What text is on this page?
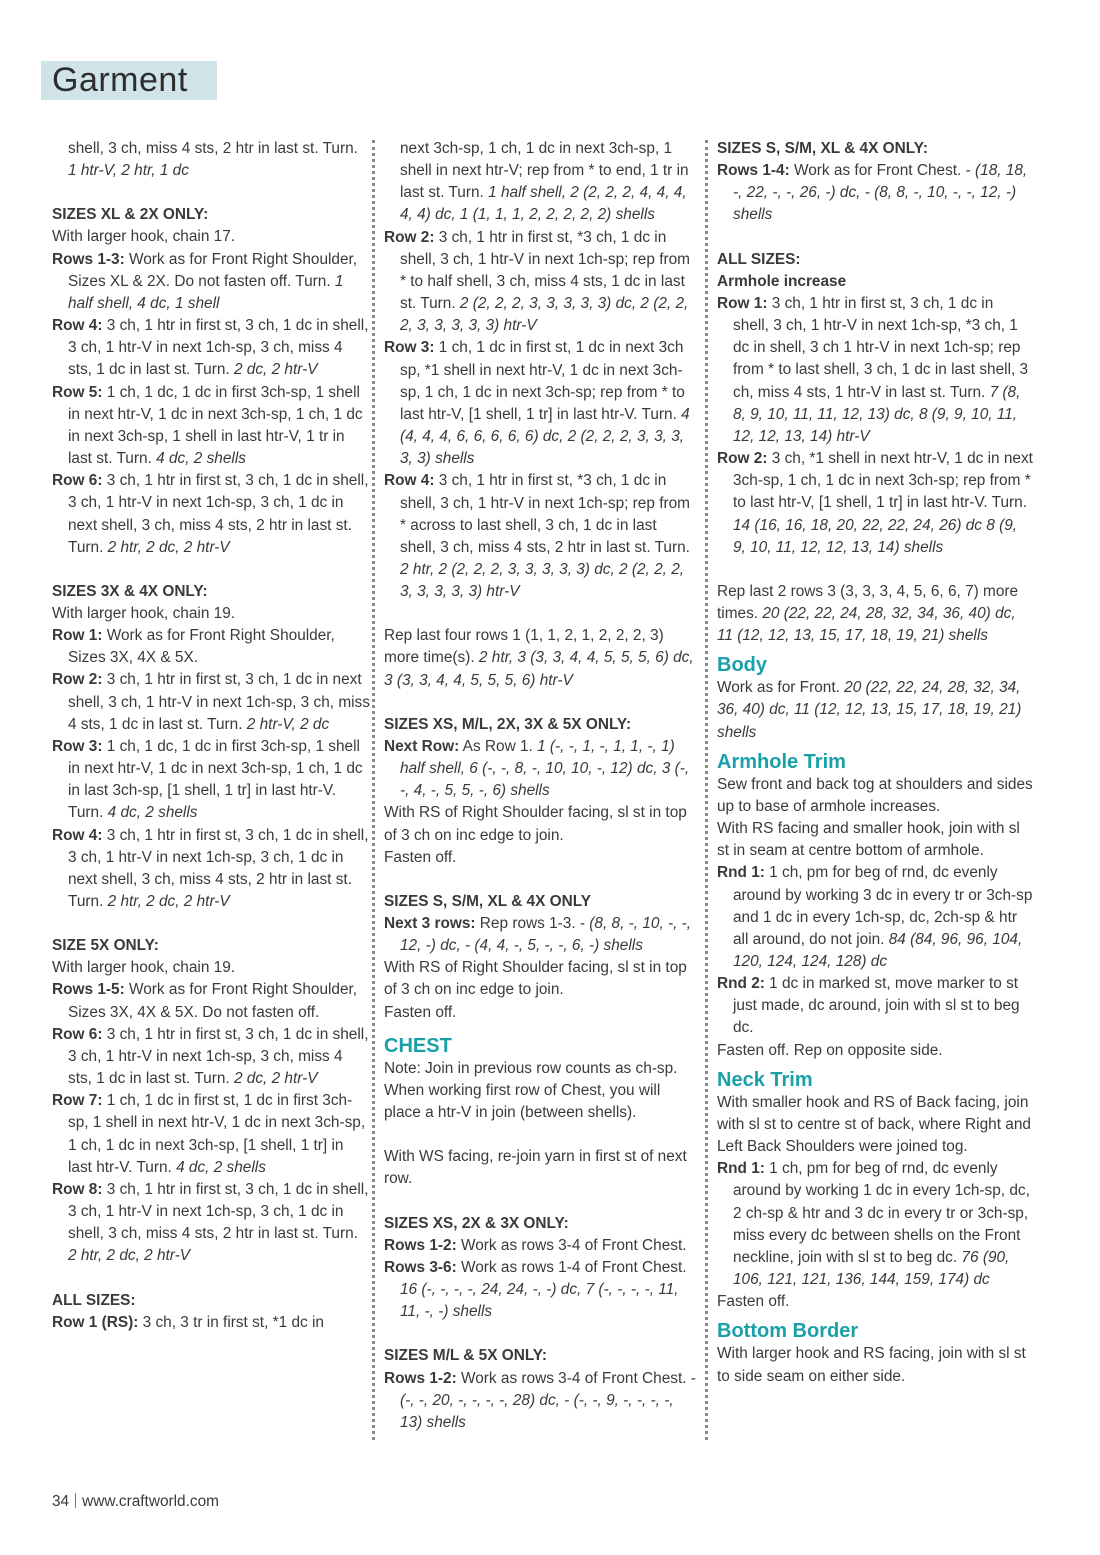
Garment

shell, 3 ch, miss 4 sts, 2 htr in last st. Turn. 1 htr-V, 2 htr, 1 dc

SIZES XL & 2X ONLY:

With larger hook, chain 17.

Rows 1-3: Work as for Front Right Shoulder, Sizes XL & 2X. Do not fasten off. Turn. 1 half shell, 4 dc, 1 shell

Row 4: 3 ch, 1 htr in first st, 3 ch, 1 dc in shell, 3 ch, 1 htr-V in next 1ch-sp, 3 ch, miss 4 sts, 1 dc in last st. Turn. 2 dc, 2 htr-V

Row 5: 1 ch, 1 dc, 1 dc in first 3ch-sp, 1 shell in next htr-V, 1 dc in next 3ch-sp, 1 ch, 1 dc in next 3ch-sp, 1 shell in last htr-V, 1 tr in last st. Turn. 4 dc, 2 shells

Row 6: 3 ch, 1 htr in first st, 3 ch, 1 dc in shell, 3 ch, 1 htr-V in next 1ch-sp, 3 ch, 1 dc in next shell, 3 ch, miss 4 sts, 2 htr in last st. Turn. 2 htr, 2 dc, 2 htr-V

SIZES 3X & 4X ONLY:

With larger hook, chain 19.

Row 1: Work as for Front Right Shoulder, Sizes 3X, 4X & 5X.

Row 2: 3 ch, 1 htr in first st, 3 ch, 1 dc in next shell, 3 ch, 1 htr-V in next 1ch-sp, 3 ch, miss 4 sts, 1 dc in last st. Turn. 2 htr-V, 2 dc

Row 3: 1 ch, 1 dc, 1 dc in first 3ch-sp, 1 shell in next htr-V, 1 dc in next 3ch-sp, 1 ch, 1 dc in last 3ch-sp, [1 shell, 1 tr] in last htr-V. Turn. 4 dc, 2 shells

Row 4: 3 ch, 1 htr in first st, 3 ch, 1 dc in shell, 3 ch, 1 htr-V in next 1ch-sp, 3 ch, 1 dc in next shell, 3 ch, miss 4 sts, 2 htr in last st. Turn. 2 htr, 2 dc, 2 htr-V

SIZE 5X ONLY:

With larger hook, chain 19.

Rows 1-5: Work as for Front Right Shoulder, Sizes 3X, 4X & 5X. Do not fasten off.

Row 6: 3 ch, 1 htr in first st, 3 ch, 1 dc in shell, 3 ch, 1 htr-V in next 1ch-sp, 3 ch, miss 4 sts, 1 dc in last st. Turn. 2 dc, 2 htr-V

Row 7: 1 ch, 1 dc in first st, 1 dc in first 3ch-sp, 1 shell in next htr-V, 1 dc in next 3ch-sp, 1 ch, 1 dc in next 3ch-sp, [1 shell, 1 tr] in last htr-V. Turn. 4 dc, 2 shells

Row 8: 3 ch, 1 htr in first st, 3 ch, 1 dc in shell, 3 ch, 1 htr-V in next 1ch-sp, 3 ch, 1 dc in shell, 3 ch, miss 4 sts, 2 htr in last st. Turn. 2 htr, 2 dc, 2 htr-V

ALL SIZES:

Row 1 (RS): 3 ch, 3 tr in first st, *1 dc in

next 3ch-sp, 1 ch, 1 dc in next 3ch-sp, 1 shell in next htr-V; rep from * to end, 1 tr in last st. Turn. 1 half shell, 2 (2, 2, 2, 4, 4, 4, 4, 4) dc, 1 (1, 1, 1, 2, 2, 2, 2, 2) shells

Row 2: 3 ch, 1 htr in first st, *3 ch, 1 dc in shell, 3 ch, 1 htr-V in next 1ch-sp; rep from * to half shell, 3 ch, miss 4 sts, 1 dc in last st. Turn. 2 (2, 2, 2, 3, 3, 3, 3, 3) dc, 2 (2, 2, 2, 3, 3, 3, 3, 3) htr-V

Row 3: 1 ch, 1 dc in first st, 1 dc in next 3ch sp, *1 shell in next htr-V, 1 dc in next 3ch-sp, 1 ch, 1 dc in next 3ch-sp; rep from * to last htr-V, [1 shell, 1 tr] in last htr-V. Turn. 4 (4, 4, 4, 6, 6, 6, 6, 6) dc, 2 (2, 2, 2, 3, 3, 3, 3, 3) shells

Row 4: 3 ch, 1 htr in first st, *3 ch, 1 dc in shell, 3 ch, 1 htr-V in next 1ch-sp; rep from * across to last shell, 3 ch, 1 dc in last shell, 3 ch, miss 4 sts, 2 htr in last st. Turn. 2 htr, 2 (2, 2, 2, 3, 3, 3, 3, 3) dc, 2 (2, 2, 2, 3, 3, 3, 3, 3) htr-V

Rep last four rows 1 (1, 1, 2, 1, 2, 2, 2, 3) more time(s). 2 htr, 3 (3, 3, 4, 4, 5, 5, 5, 6) dc, 3 (3, 3, 4, 4, 5, 5, 5, 6) htr-V

SIZES XS, M/L, 2X, 3X & 5X ONLY:

Next Row: As Row 1. 1 (-, -, 1, -, 1, 1, -, 1) half shell, 6 (-, -, 8, -, 10, 10, -, 12) dc, 3 (-, -, 4, -, 5, 5, -, 6) shells

With RS of Right Shoulder facing, sl st in top of 3 ch on inc edge to join.

Fasten off.

SIZES S, S/M, XL & 4X ONLY

Next 3 rows: Rep rows 1-3. - (8, 8, -, 10, -, -, 12, -) dc, - (4, 4, -, 5, -, -, 6, -) shells

With RS of Right Shoulder facing, sl st in top of 3 ch on inc edge to join.

Fasten off.

CHEST

Note: Join in previous row counts as ch-sp. When working first row of Chest, you will place a htr-V in join (between shells).

With WS facing, re-join yarn in first st of next row.

SIZES XS, 2X & 3X ONLY:

Rows 1-2: Work as rows 3-4 of Front Chest.

Rows 3-6: Work as rows 1-4 of Front Chest. 16 (-, -, -, -, 24, 24, -, -) dc, 7 (-, -, -, -, 11, 11, -, -) shells

SIZES M/L & 5X ONLY:

Rows 1-2: Work as rows 3-4 of Front Chest. - (-, -, 20, -, -, -, -, 28) dc, - (-, -, 9, -, -, -, -, 13) shells

SIZES S, S/M, XL & 4X ONLY:

Rows 1-4: Work as for Front Chest. - (18, 18, -, 22, -, -, 26, -) dc, - (8, 8, -, 10, -, -, 12, -) shells

ALL SIZES:

Armhole increase

Row 1: 3 ch, 1 htr in first st, 3 ch, 1 dc in shell, 3 ch, 1 htr-V in next 1ch-sp, *3 ch, 1 dc in shell, 3 ch 1 htr-V in next 1ch-sp; rep from * to last shell, 3 ch, 1 dc in last shell, 3 ch, miss 4 sts, 1 htr-V in last st. Turn. 7 (8, 8, 9, 10, 11, 11, 12, 13) dc, 8 (9, 9, 10, 11, 12, 12, 13, 14) htr-V

Row 2: 3 ch, *1 shell in next htr-V, 1 dc in next 3ch-sp, 1 ch, 1 dc in next 3ch-sp; rep from * to last htr-V, [1 shell, 1 tr] in last htr-V. Turn. 14 (16, 16, 18, 20, 22, 22, 24, 26) dc 8 (9, 9, 10, 11, 12, 12, 13, 14) shells

Rep last 2 rows 3 (3, 3, 3, 4, 5, 6, 6, 7) more times. 20 (22, 22, 24, 28, 32, 34, 36, 40) dc, 11 (12, 12, 13, 15, 17, 18, 19, 21) shells

Body

Work as for Front. 20 (22, 22, 24, 28, 32, 34, 36, 40) dc, 11 (12, 12, 13, 15, 17, 18, 19, 21) shells

Armhole Trim

Sew front and back tog at shoulders and sides up to base of armhole increases.

With RS facing and smaller hook, join with sl st in seam at centre bottom of armhole.

Rnd 1: 1 ch, pm for beg of rnd, dc evenly around by working 3 dc in every tr or 3ch-sp and 1 dc in every 1ch-sp, dc, 2ch-sp & htr all around, do not join. 84 (84, 96, 96, 104, 120, 124, 124, 128) dc

Rnd 2: 1 dc in marked st, move marker to st just made, dc around, join with sl st to beg dc.

Fasten off. Rep on opposite side.

Neck Trim

With smaller hook and RS of Back facing, join with sl st to centre st of back, where Right and Left Back Shoulders were joined tog.

Rnd 1: 1 ch, pm for beg of rnd, dc evenly around by working 1 dc in every 1ch-sp, dc, 2 ch-sp & htr and 3 dc in every tr or 3ch-sp, miss every dc between shells on the Front neckline, join with sl st to beg dc. 76 (90, 106, 121, 121, 136, 144, 159, 174) dc

Fasten off.

Bottom Border

With larger hook and RS facing, join with sl st to side seam on either side.

34 www.craftworld.com
